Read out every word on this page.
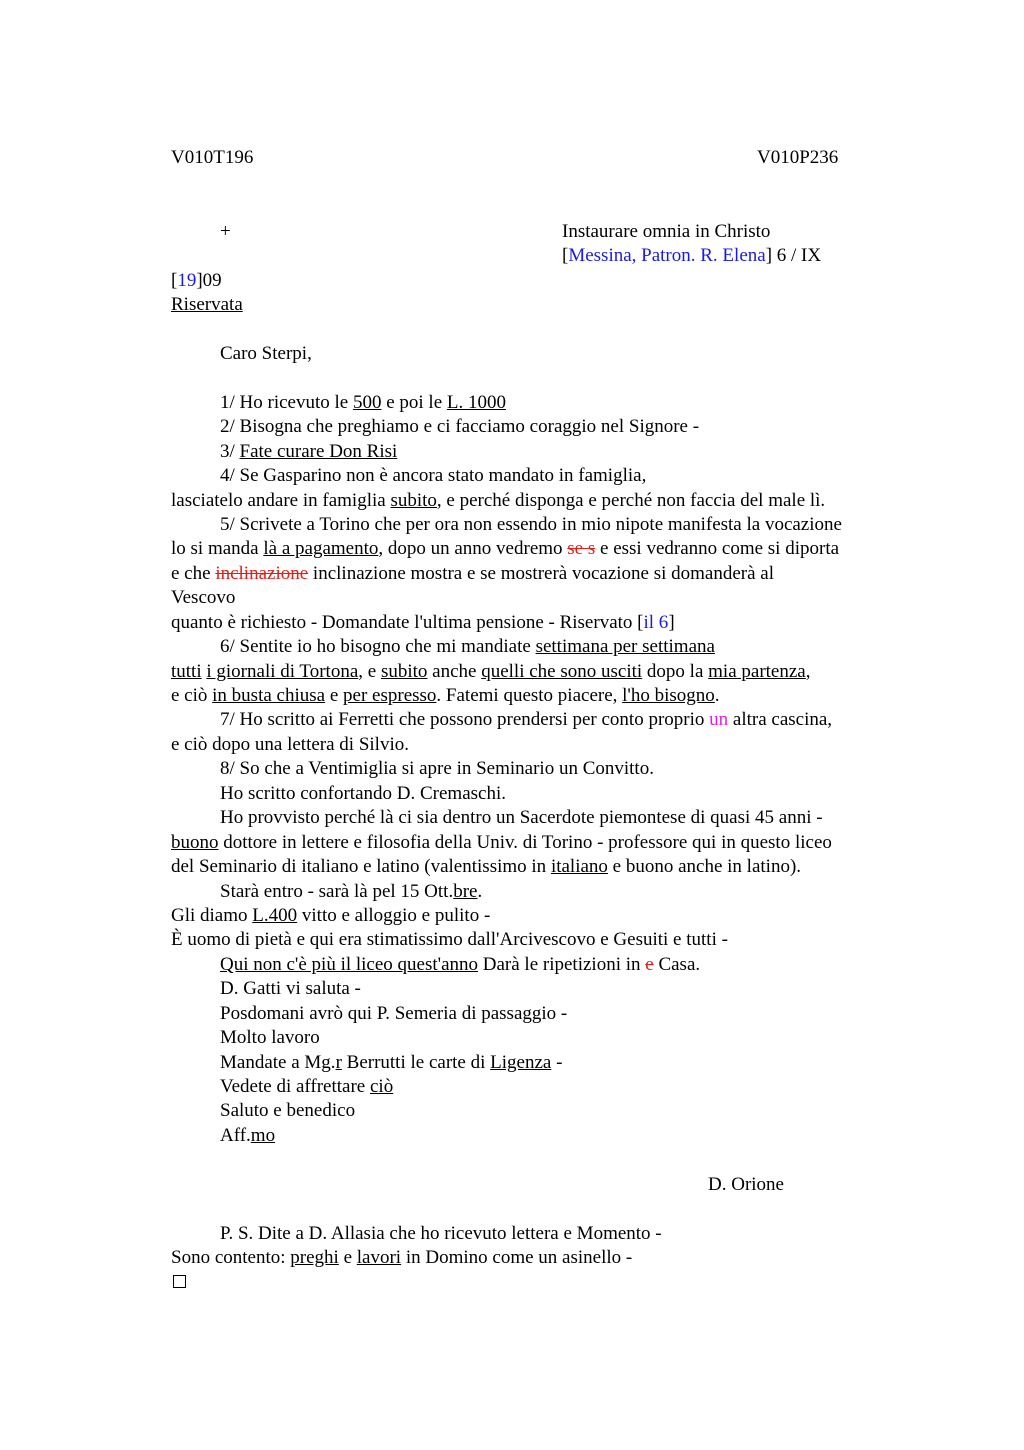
V010T196	V010P236
+	Instaurare omnia in Christo
[Messina, Patron. R. Elena] 6 / IX
[19]09
Riservata
Caro Sterpi,
1/ Ho ricevuto le 500 e poi le L. 1000
2/ Bisogna che preghiamo e ci facciamo coraggio nel Signore -
3/ Fate curare Don Risi
4/ Se Gasparino non è ancora stato mandato in famiglia,
lasciatelo andare in famiglia subito, e perché disponga e perché non faccia del male lì.
5/ Scrivete a Torino che per ora non essendo in mio nipote manifesta la vocazione
lo si manda là a pagamento, dopo un anno vedremo se s e essi vedranno come si diporta
e che inclinazione inclinazione mostra e se mostrerà vocazione si domanderà al
Vescovo
quanto è richiesto - Domandate l'ultima pensione - Riservato [il 6]
6/ Sentite io ho bisogno che mi mandiate settimana per settimana
tutti i giornali di Tortona, e subito anche quelli che sono usciti dopo la mia partenza,
e ciò in busta chiusa e per espresso. Fatemi questo piacere, l'ho bisogno.
7/ Ho scritto ai Ferretti che possono prendersi per conto proprio un altra cascina,
e ciò dopo una lettera di Silvio.
8/ So che a Ventimiglia si apre in Seminario un Convitto.
Ho scritto confortando D. Cremaschi.
Ho provvisto perché là ci sia dentro un Sacerdote piemontese di quasi 45 anni -
buono dottore in lettere e filosofia della Univ. di Torino - professore qui in questo liceo
del Seminario di italiano e latino (valentissimo in italiano e buono anche in latino).
Starà entro - sarà là pel 15 Ott.bre.
Gli diamo L.400 vitto e alloggio e pulito -
È uomo di pietà e qui era stimatissimo dall'Arcivescovo e Gesuiti e tutti -
Qui non c'è più il liceo quest'anno Darà le ripetizioni in e Casa.
D. Gatti vi saluta -
Posdomani avrò qui P. Semeria di passaggio -
Molto lavoro
Mandate a Mg.r Berrutti le carte di Ligenza -
Vedete di affrettare ciò
Saluto e benedico
Aff.mo
D. Orione
P. S. Dite a D. Allasia che ho ricevuto lettera e Momento -
Sono contento: preghi e lavori in Domino come un asinello -
